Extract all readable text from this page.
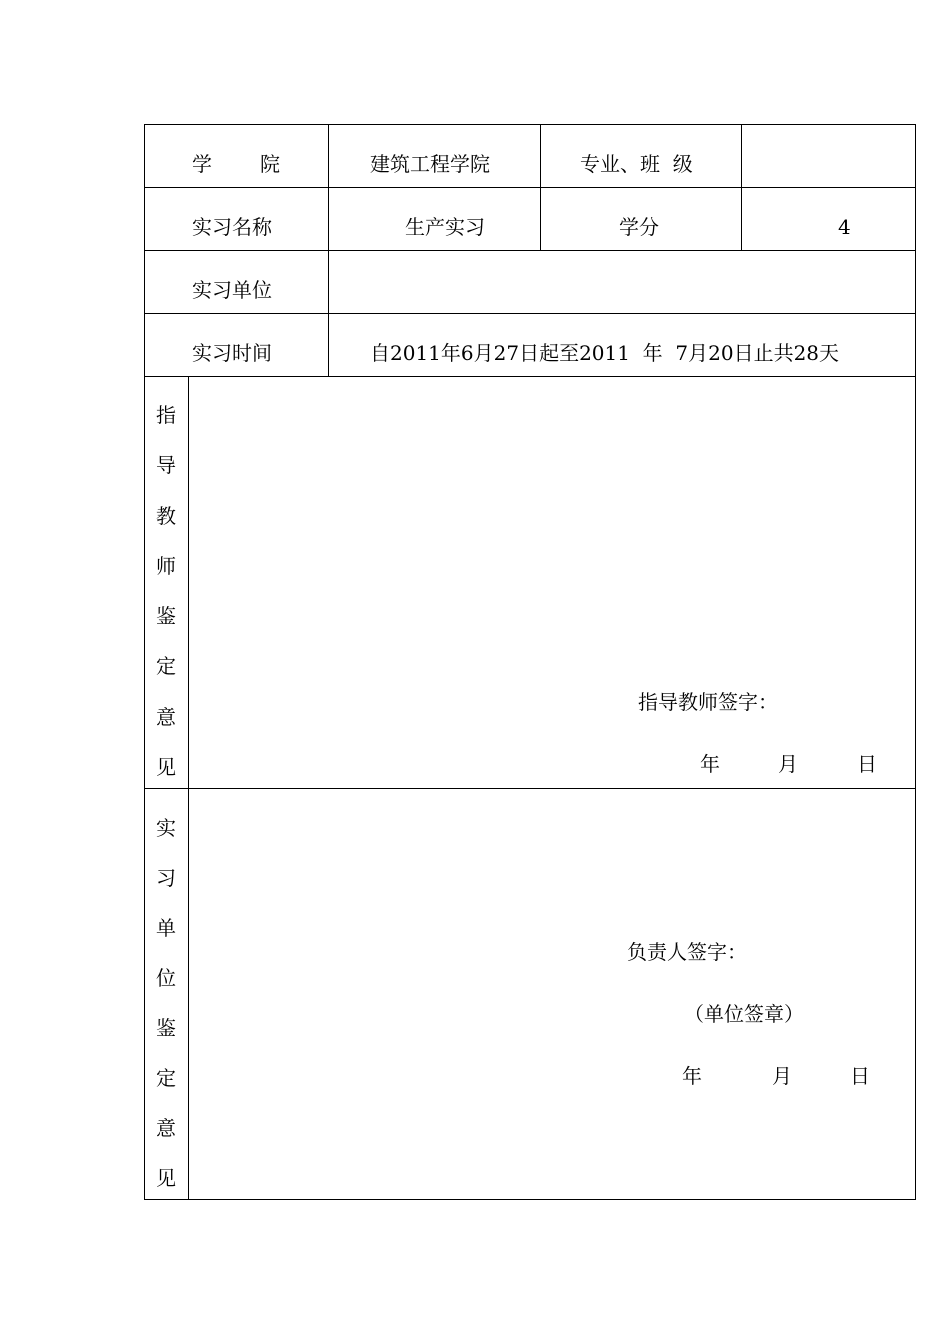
学 院	建筑工程学院	专业、班  级
实习名称	生产实习	学分	4
实习单位
实习时间	自2011年6月27日起至2011  年  7月20日止共28天
指
导
教
师
鉴
定
意
见
指导教师签字：
年	月	日
实
习
单
位
鉴
定
意
见
负责人签字：
（单位签章）
年	月	日
